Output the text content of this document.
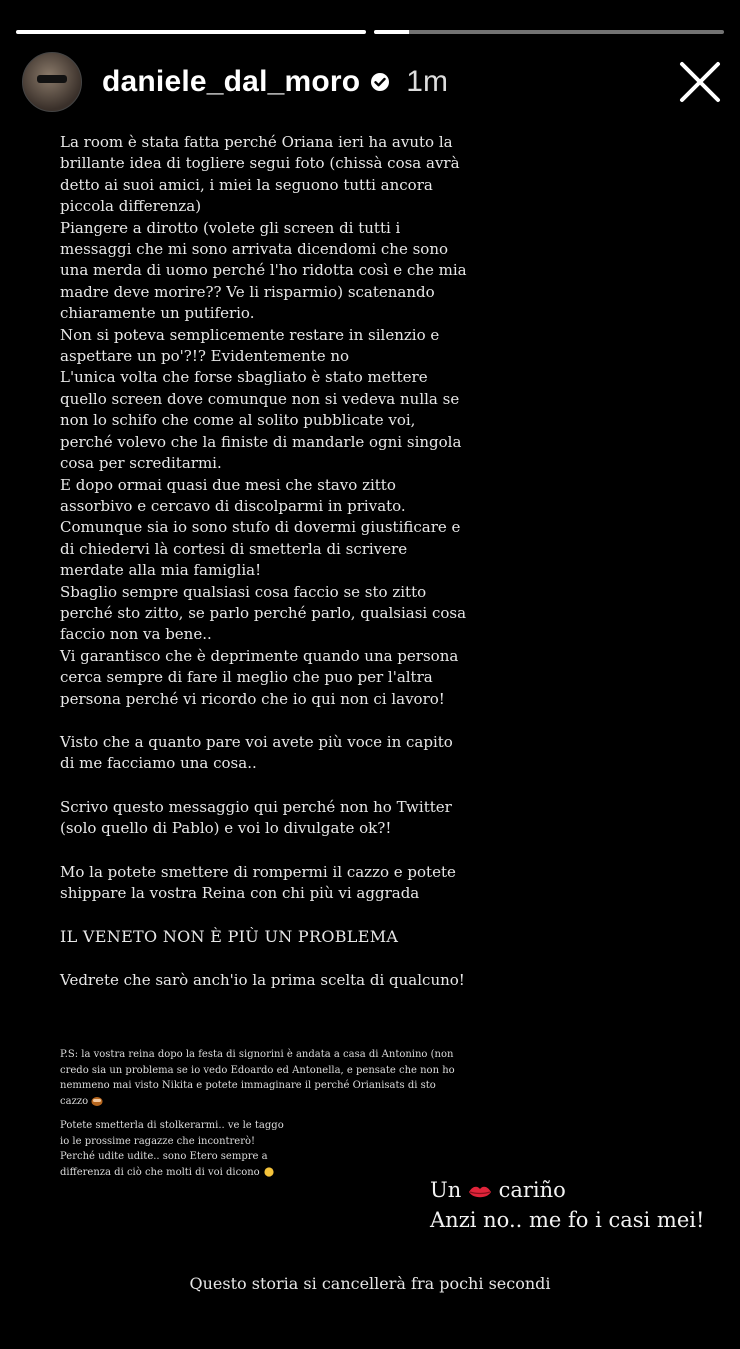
daniele_dal_moro 1m

La room è stata fatta perché Oriana ieri ha avuto la brillante idea di togliere segui foto (chissà cosa avrà detto ai suoi amici, i miei la seguono tutti ancora piccola differenza)

Piangere a dirotto (volete gli screen di tutti i messaggi che mi sono arrivata dicendomi che sono una merda di uomo perché l'ho ridotta così e che mia madre deve morire?? Ve li risparmio) scatenando chiaramente un putiferio.

Non si poteva semplicemente restare in silenzio e aspettare un po'?!? Evidentemente no

L'unica volta che forse sbagliato è stato mettere quello screen dove comunque non si vedeva nulla se non lo schifo che come al solito pubblicate voi, perché volevo che la finiste di mandarle ogni singola cosa per screditarmi.

E dopo ormai quasi due mesi che stavo zitto assorbivo e cercavo di discolparmi in privato.

Comunque sia io sono stufo di dovermi giustificare e di chiedervi là cortesi di smetterla di scrivere merdate alla mia famiglia!

Sbaglio sempre qualsiasi cosa faccio se sto zitto perché sto zitto, se parlo perché parlo, qualsiasi cosa faccio non va bene..

Vi garantisco che è deprimente quando una persona cerca sempre di fare il meglio che puo per l'altra persona perché vi ricordo che io qui non ci lavoro!

Visto che a quanto pare voi avete più voce in capito di me facciamo una cosa..

Scrivo questo messaggio qui perché non ho Twitter (solo quello di Pablo) e voi lo divulgate ok?!

Mo la potete smettere di rompermi il cazzo e potete shippare la vostra Reina con chi più vi aggrada

IL VENETO NON È PIÙ UN PROBLEMA

Vedrete che sarò anch'io la prima scelta di qualcuno!

P.S: la vostra reina dopo la festa di signorini è andata a casa di Antonino (non credo sia un problema se io vedo Edoardo ed Antonella, e pensate che non ho nemmeno mai visto Nikita e potete immaginare il perché Orianisats di sto cazzo
Potete smetterla di stolkerarmi.. ve le taggo io le prossime ragazze che incontrerò! Perché udite udite.. sono Etero sempre a differenza di ciò che molti di voi dicono
Un cariño
Anzi no.. me fo i casi mei!
Questo storia si cancellerà fra pochi secondi
